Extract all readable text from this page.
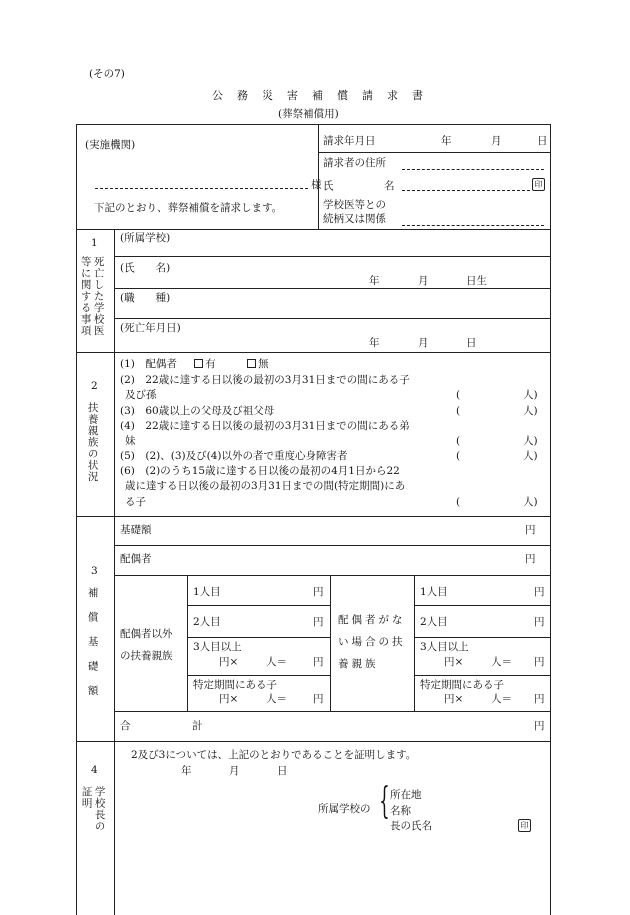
(その7)
公務災害補償請求書
(葬祭補償用)
(実施機関)
様
下記のとおり、葬祭補償を請求します。
請求年月日	年	月	日
請求者の住所
氏	名	印
学校医等との
続柄又は関係
1
死亡した学校医
等に関する事項
(所属学校)
(氏　　名)
年	月	日生
(職　　種)
(死亡年月日)
年	月	日
2
扶養親族の状況
(1)　配偶者	有	無
(2)　22歳に達する日以後の最初の3月31日までの間にある子
及び孫	(	人)
(3)　60歳以上の父母及び祖父母	(	人)
(4)　22歳に達する日以後の最初の3月31日までの間にある弟
妹	(	人)
(5)　(2)、(3)及び(4)以外の者で重度心身障害者	(	人)
(6)　(2)のうち15歳に達する日以後の最初の4月1日から22
歳に達する日以後の最初の3月31日までの間(特定期間)にあ
る子	(	人)
3
補償基礎額
基礎額	円
配偶者	円
配偶者以外
の扶養親族
1人目	円
2人目	円
3人目以上
円×	人＝ 円
特定期間にある子
円×	人＝ 円
配偶者がな
い場合の扶
養親族
1人目	円
2人目	円
3人目以上
円×	人＝ 円
特定期間にある子
円×	人＝ 円
合	計	円
4
学校長の
証明
2及び3については、上記のとおりであることを証明します。
年	月	日
所属学校の { 所在地
名称
長の氏名	印
